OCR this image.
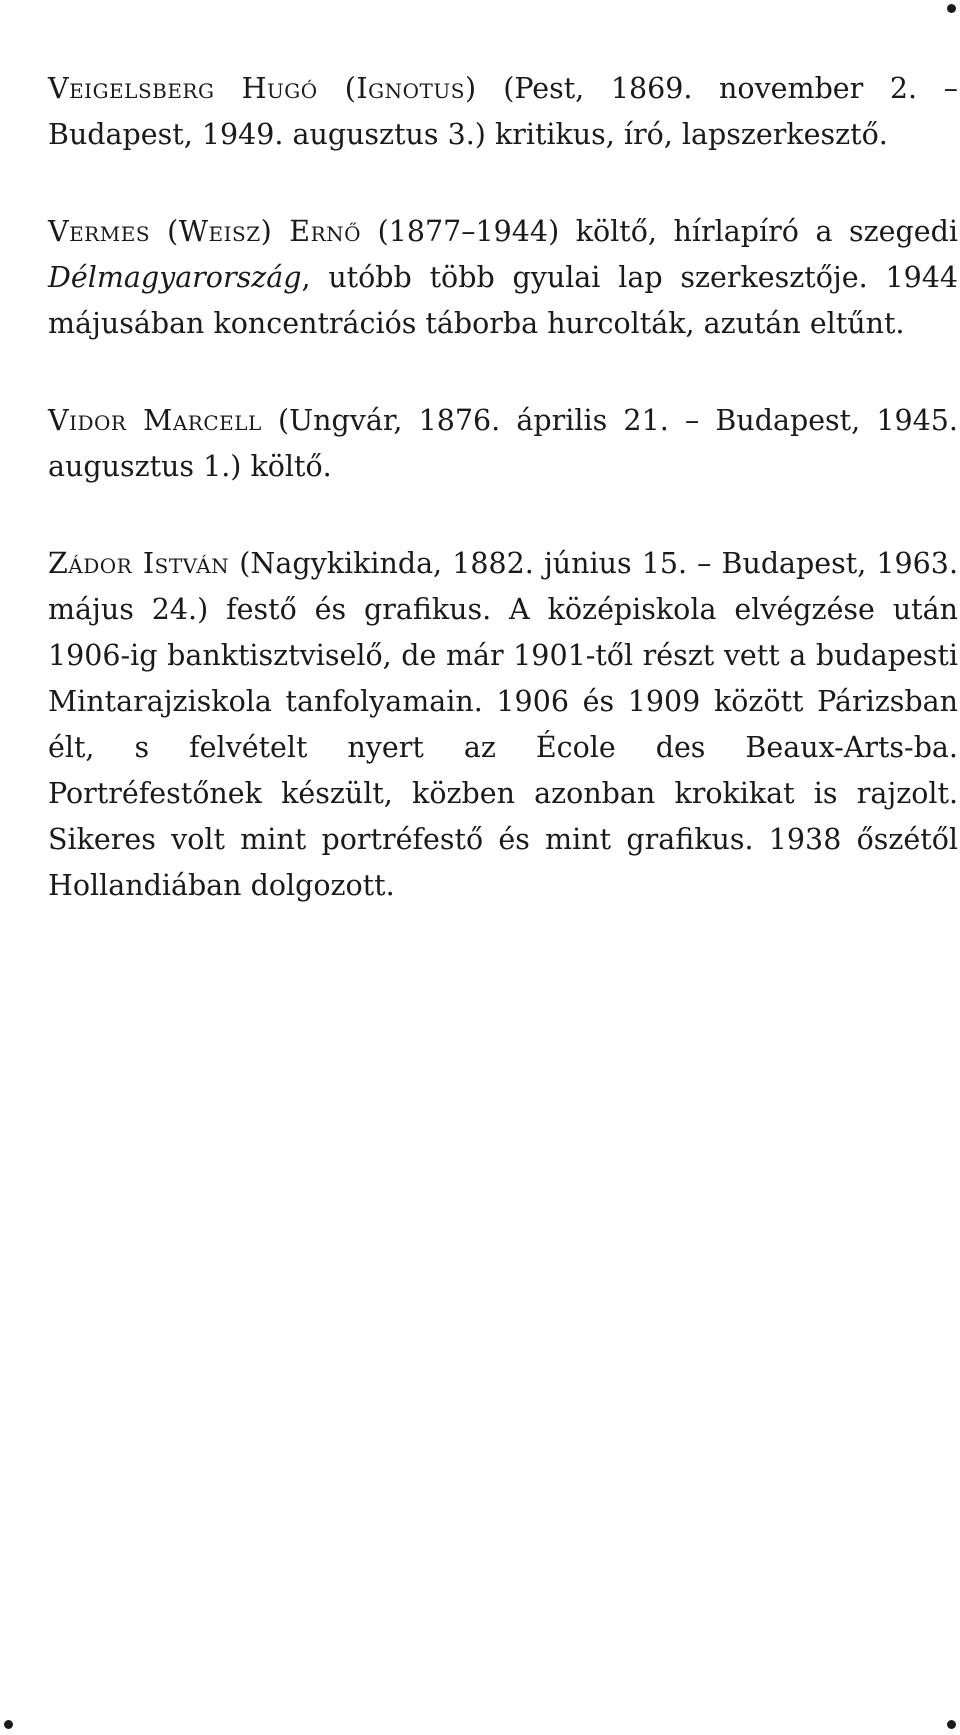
Veigelsberg Hugó (Ignotus) (Pest, 1869. november 2. – Budapest, 1949. augusztus 3.) kritikus, író, lapszerkesztő.

Vermes (Weisz) Ernő (1877–1944) költő, hírlapíró a szegedi Délmagyarország, utóbb több gyulai lap szerkesztője. 1944 májusában koncentrációs táborba hurcolták, azután eltűnt.

Vidor Marcell (Ungvár, 1876. április 21. – Budapest, 1945. augusztus 1.) költő.

Zádor István (Nagykikinda, 1882. június 15. – Budapest, 1963. május 24.) festő és grafikus. A középiskola elvégzése után 1906-ig banktisztviselő, de már 1901-től részt vett a budapesti Mintarajziskola tanfolyamain. 1906 és 1909 között Párizsban élt, s felvételt nyert az École des Beaux-Arts-ba. Portréfestőnek készült, közben azonban krokikat is rajzolt. Sikeres volt mint portréfestő és mint grafikus. 1938 őszétől Hollandiában dolgozott.
